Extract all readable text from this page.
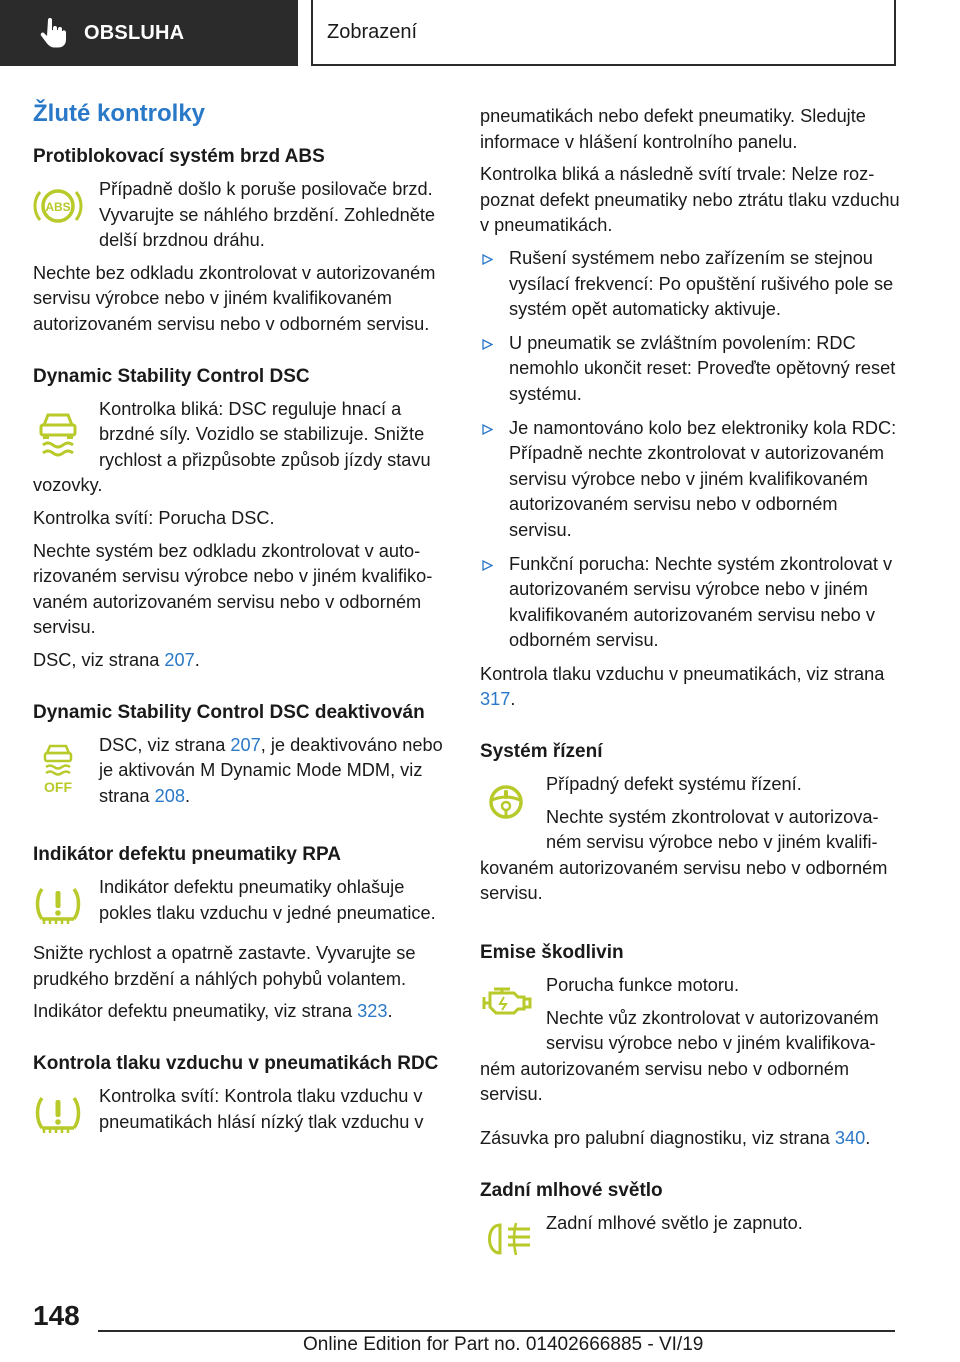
OBSLUHA	Zobrazení
Žluté kontrolky
Protiblokovací systém brzd ABS
ABS

Případně došlo k poruše posilovače brzd. Vyvarujte se náhlého brzdění. Zohledněte delší brzdnou dráhu.

Nechte bez odkladu zkontrolovat v autorizovaném servisu výrobce nebo v jiném kvalifikovaném autorizovaném servisu nebo v odborném servisu.

Dynamic Stability Control DSC

Kontrolka bliká: DSC reguluje hnací a brzdné síly. Vozidlo se stabilizuje. Snižte rychlost a přizpůsobte způsob jízdy stavu vozovky.

Kontrolka svítí: Porucha DSC.

Nechte systém bez odkladu zkontrolovat v autorizovaném servisu výrobce nebo v jiném kvalifikovaném autorizovaném servisu nebo v odborném servisu.

DSC, viz strana 207.

Dynamic Stability Control DSC deaktivován
OFF

DSC, viz strana 207, je deaktivováno nebo je aktivován M Dynamic Mode MDM, viz strana 208.

Indikátor defektu pneumatiky RPA

Indikátor defektu pneumatiky ohlašuje pokles tlaku vzduchu v jedné pneumatice.

Snižte rychlost a opatrně zastavte. Vyvarujte se prudkého brzdění a náhlých pohybů volantem.

Indikátor defektu pneumatiky, viz strana 323.

Kontrola tlaku vzduchu v pneumatikách RDC

Kontrolka svítí: Kontrola tlaku vzduchu v pneumatikách hlásí nízký tlak vzduchu v

pneumatikách nebo defekt pneumatiky. Sledujte informace v hlášení kontrolního panelu.

Kontrolka bliká a následně svítí trvale: Nelze rozpoznat defekt pneumatiky nebo ztrátu tlaku vzduchu v pneumatikách.

Rušení systémem nebo zařízením se stejnou vysílací frekvencí: Po opuštění rušivého pole se systém opět automaticky aktivuje.
U pneumatik se zvláštním povolením: RDC nemohlo ukončit reset: Proveďte opětovný reset systému.
Je namontováno kolo bez elektroniky kola RDC: Případně nechte zkontrolovat v autorizovaném servisu výrobce nebo v jiném kvalifikovaném autorizovaném servisu nebo v odborném servisu.
Funkční porucha: Nechte systém zkontrolovat v autorizovaném servisu výrobce nebo v jiném kvalifikovaném autorizovaném servisu nebo v odborném servisu.

Kontrola tlaku vzduchu v pneumatikách, viz strana 317.

Systém řízení

Případný defekt systému řízení.

Nechte systém zkontrolovat v autorizovaném servisu výrobce nebo v jiném kvalifikovaném autorizovaném servisu nebo v odborném servisu.

Emise škodlivin

Porucha funkce motoru.

Nechte vůz zkontrolovat v autorizovaném servisu výrobce nebo v jiném kvalifikovaném autorizovaném servisu nebo v odborném servisu.

Zásuvka pro palubní diagnostiku, viz strana 340.

Zadní mlhové světlo

Zadní mlhové světlo je zapnuto.

148
Online Edition for Part no. 01402666885 - VI/19
